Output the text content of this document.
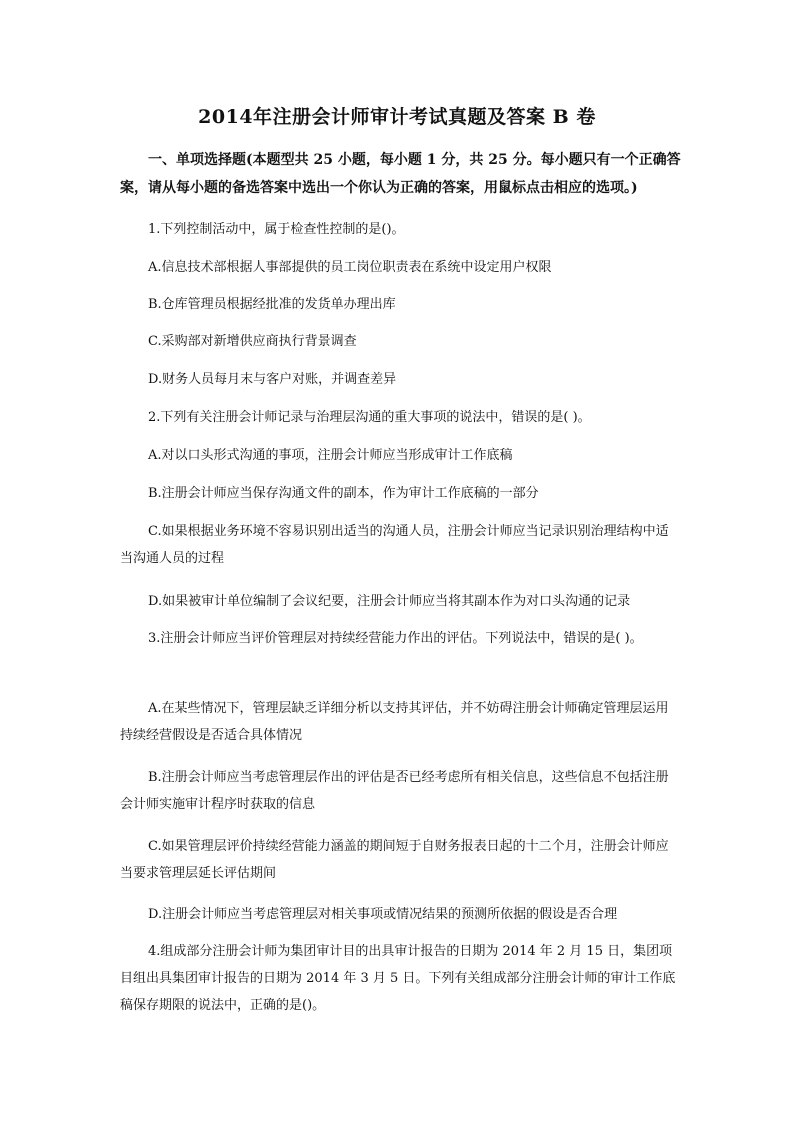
2014年注册会计师审计考试真题及答案 B 卷
一、单项选择题(本题型共 25 小题，每小题 1 分，共 25 分。每小题只有一个正确答案，请从每小题的备选答案中选出一个你认为正确的答案，用鼠标点击相应的选项。)
1.下列控制活动中，属于检查性控制的是()。
A.信息技术部根据人事部提供的员工岗位职责表在系统中设定用户权限
B.仓库管理员根据经批准的发货单办理出库
C.采购部对新增供应商执行背景调查
D.财务人员每月末与客户对账，并调查差异
2.下列有关注册会计师记录与治理层沟通的重大事项的说法中，错误的是( )。
A.对以口头形式沟通的事项，注册会计师应当形成审计工作底稿
B.注册会计师应当保存沟通文件的副本，作为审计工作底稿的一部分
C.如果根据业务环境不容易识别出适当的沟通人员，注册会计师应当记录识别治理结构中适当沟通人员的过程
D.如果被审计单位编制了会议纪要，注册会计师应当将其副本作为对口头沟通的记录
3.注册会计师应当评价管理层对持续经营能力作出的评估。下列说法中，错误的是( )。
A.在某些情况下，管理层缺乏详细分析以支持其评估，并不妨碍注册会计师确定管理层运用持续经营假设是否适合具体情况
B.注册会计师应当考虑管理层作出的评估是否已经考虑所有相关信息，这些信息不包括注册会计师实施审计程序时获取的信息
C.如果管理层评价持续经营能力涵盖的期间短于自财务报表日起的十二个月，注册会计师应当要求管理层延长评估期间
D.注册会计师应当考虑管理层对相关事项或情况结果的预测所依据的假设是否合理
4.组成部分注册会计师为集团审计目的出具审计报告的日期为 2014 年 2 月 15 日，集团项目组出具集团审计报告的日期为 2014 年 3 月 5 日。下列有关组成部分注册会计师的审计工作底稿保存期限的说法中，正确的是()。
